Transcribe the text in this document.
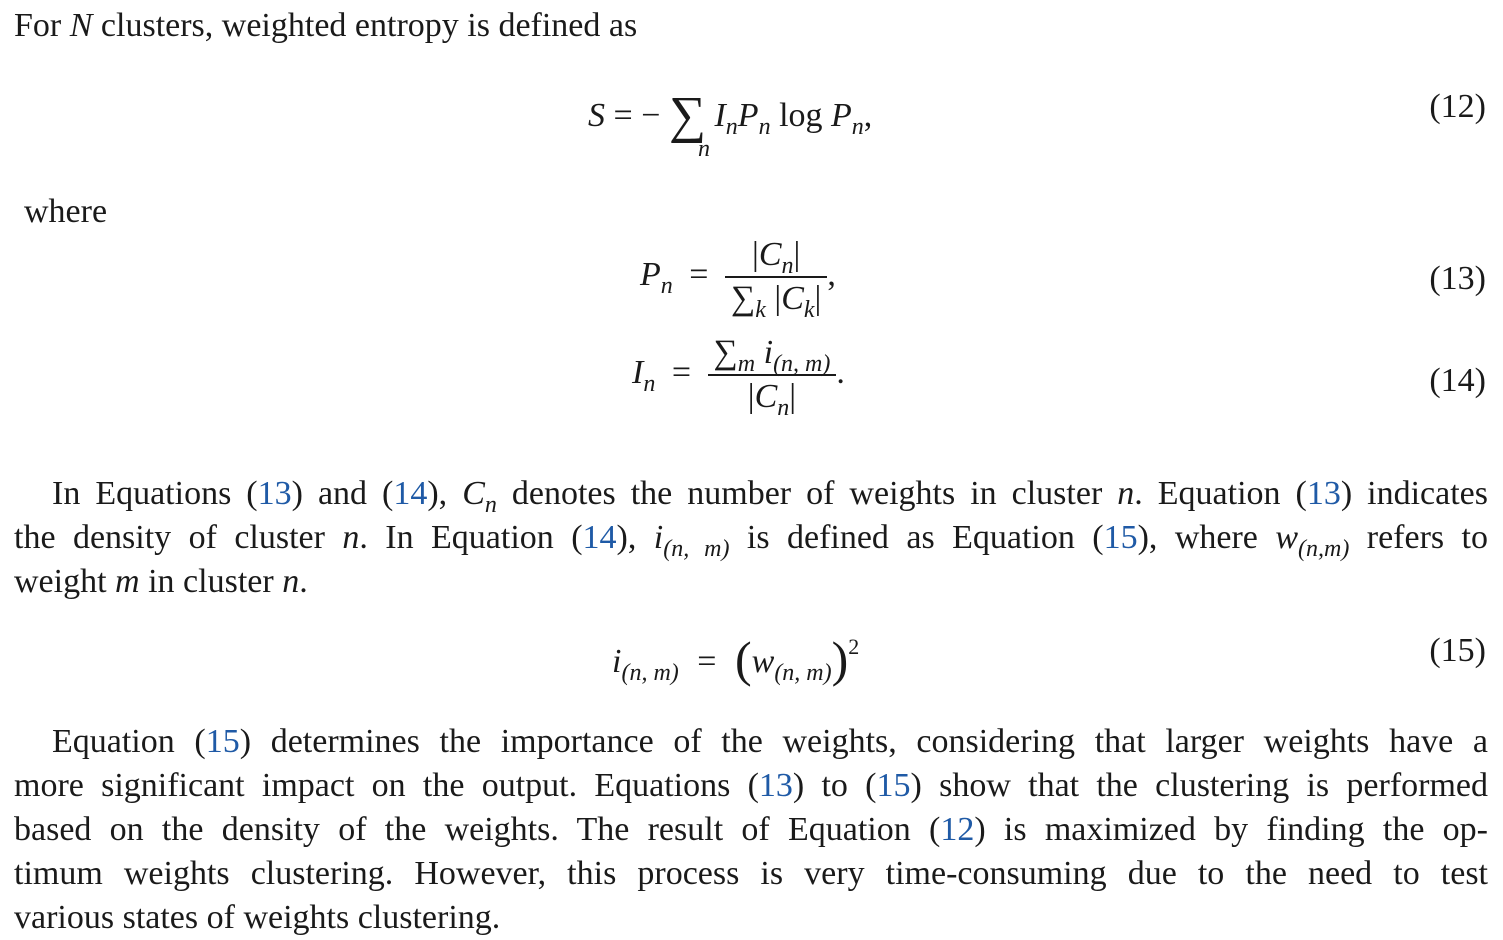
For N clusters, weighted entropy is defined as
S = − ∑ $I_nP_n$ $\log P_n$,
n
(12)
where
$P_n = \frac{|C_n|}{\sum_k |C_k|}$ ,	(13)
$I_n = \frac{\sum_m i_{(n, m)}}{|C_n|}$ .	(14)
In Equations (13) and (14), $C_n$ denotes the number of weights in cluster n. Equation (13) indicates
the density of cluster n. In Equation (14), $i_{(n, m)}$ is defined as Equation (15), where $w_{(n,m)}$ refers to
weight m in cluster n.
$i_{(n, m)} = (w_{(n, m)})^2$	(15)
Equation (15) determines the importance of the weights, considering that larger weights have a
more significant impact on the output. Equations (13) to (15) show that the clustering is performed
based on the density of the weights. The result of Equation (12) is maximized by finding the op-
timum weights clustering. However, this process is very time-consuming due to the need to test
various states of weights clustering.
